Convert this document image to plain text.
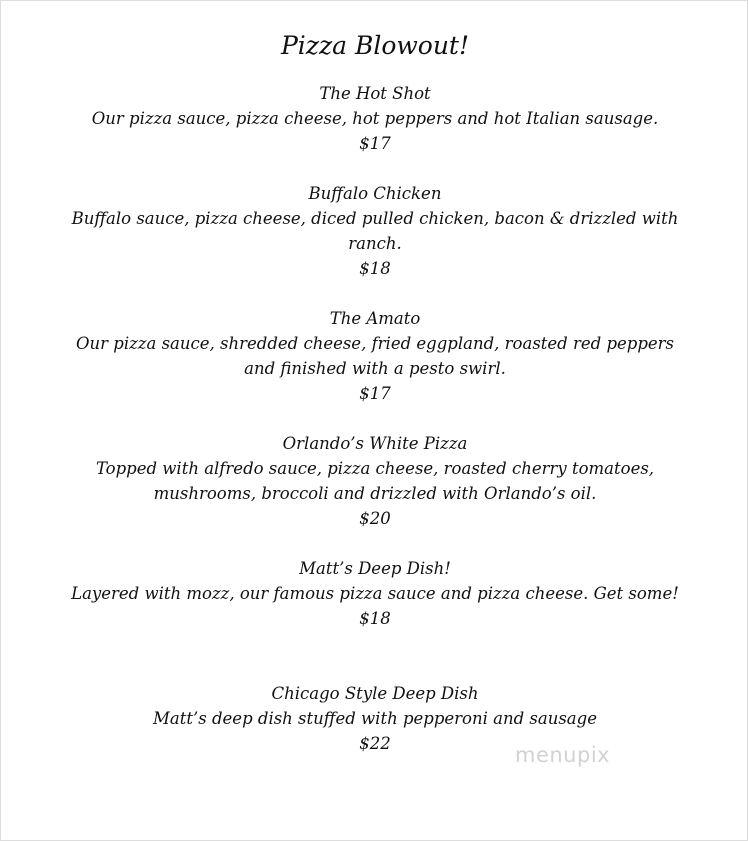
Pizza Blowout!
The Hot Shot
Our pizza sauce, pizza cheese, hot peppers and hot Italian sausage.
$17
Buffalo Chicken
Buffalo sauce, pizza cheese, diced pulled chicken, bacon & drizzled with ranch.
$18
The Amato
Our pizza sauce, shredded cheese, fried eggpland, roasted red peppers and finished with a pesto swirl.
$17
Orlando’s White Pizza
Topped with alfredo sauce, pizza cheese, roasted cherry tomatoes, mushrooms, broccoli and drizzled with Orlando’s oil.
$20
Matt’s Deep Dish!
Layered with mozz, our famous pizza sauce and pizza cheese. Get some!
$18
Chicago Style Deep Dish
Matt’s deep dish stuffed with pepperoni and sausage
$22	menupix
